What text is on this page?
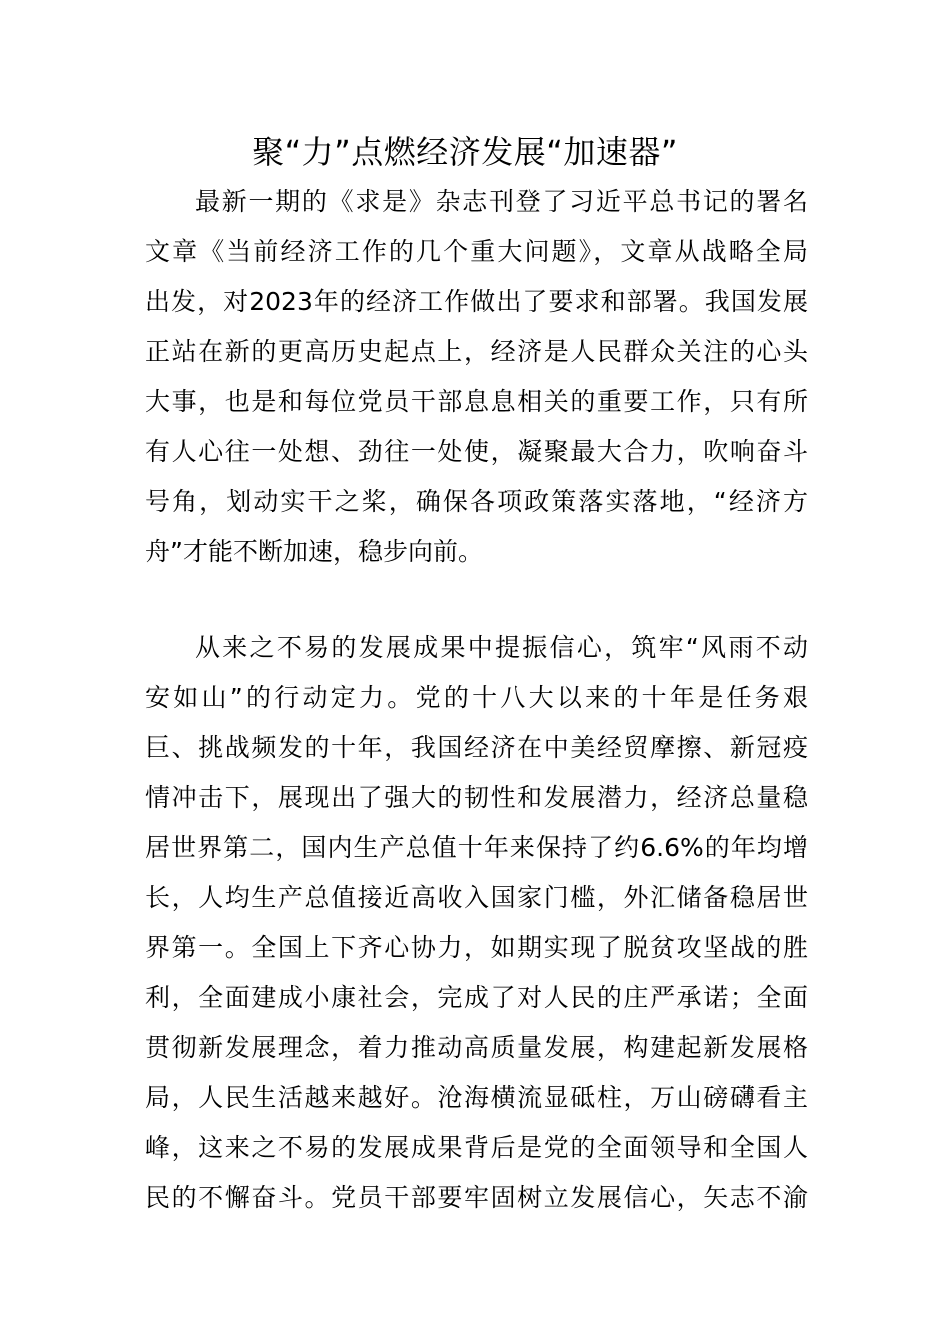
聚“力”点燃经济发展“加速器”

最新一期的《求是》杂志刊登了习近平总书记的署名

文章《当前经济工作的几个重大问题》，文章从战略全局

出发，对2023年的经济工作做出了要求和部署。我国发展

正站在新的更高历史起点上，经济是人民群众关注的心头

大事，也是和每位党员干部息息相关的重要工作，只有所

有人心往一处想、劲往一处使，凝聚最大合力，吹响奋斗

号角，划动实干之桨，确保各项政策落实落地，“经济方

舟”才能不断加速，稳步向前。

从来之不易的发展成果中提振信心，筑牢“风雨不动

安如山”的行动定力。党的十八大以来的十年是任务艰

巨、挑战频发的十年，我国经济在中美经贸摩擦、新冠疫

情冲击下，展现出了强大的韧性和发展潜力，经济总量稳

居世界第二，国内生产总值十年来保持了约6.6%的年均增

长，人均生产总值接近高收入国家门槛，外汇储备稳居世

界第一。全国上下齐心协力，如期实现了脱贫攻坚战的胜

利，全面建成小康社会，完成了对人民的庄严承诺；全面

贯彻新发展理念，着力推动高质量发展，构建起新发展格

局，人民生活越来越好。沧海横流显砥柱，万山磅礴看主

峰，这来之不易的发展成果背后是党的全面领导和全国人

民的不懈奋斗。党员干部要牢固树立发展信心，矢志不渝
